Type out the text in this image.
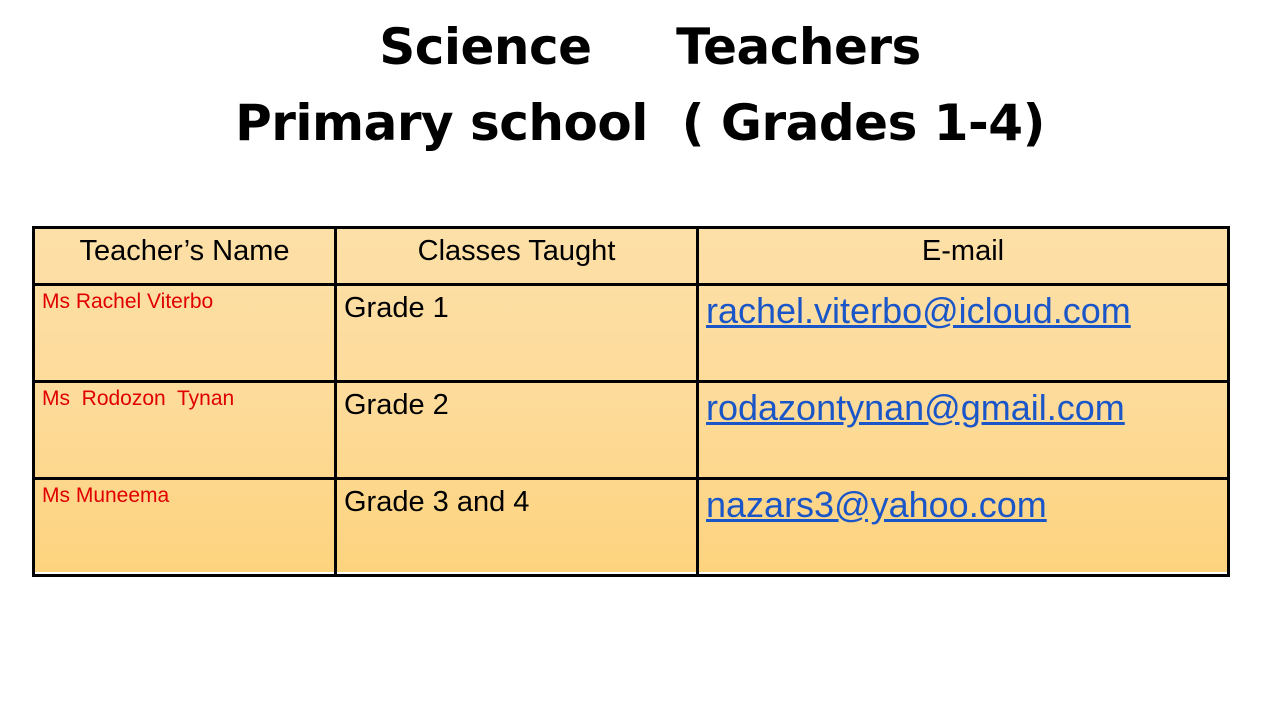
Science     Teachers
Primary school  ( Grades 1-4)
Teacher’s Name	Classes Taught	E-mail

Ms Rachel Viterbo	Grade 1	rachel.viterbo@icloud.com

Ms  Rodozon  Tynan	Grade 2	rodazontynan@gmail.com

Ms Muneema	Grade 3 and 4	nazars3@yahoo.com
